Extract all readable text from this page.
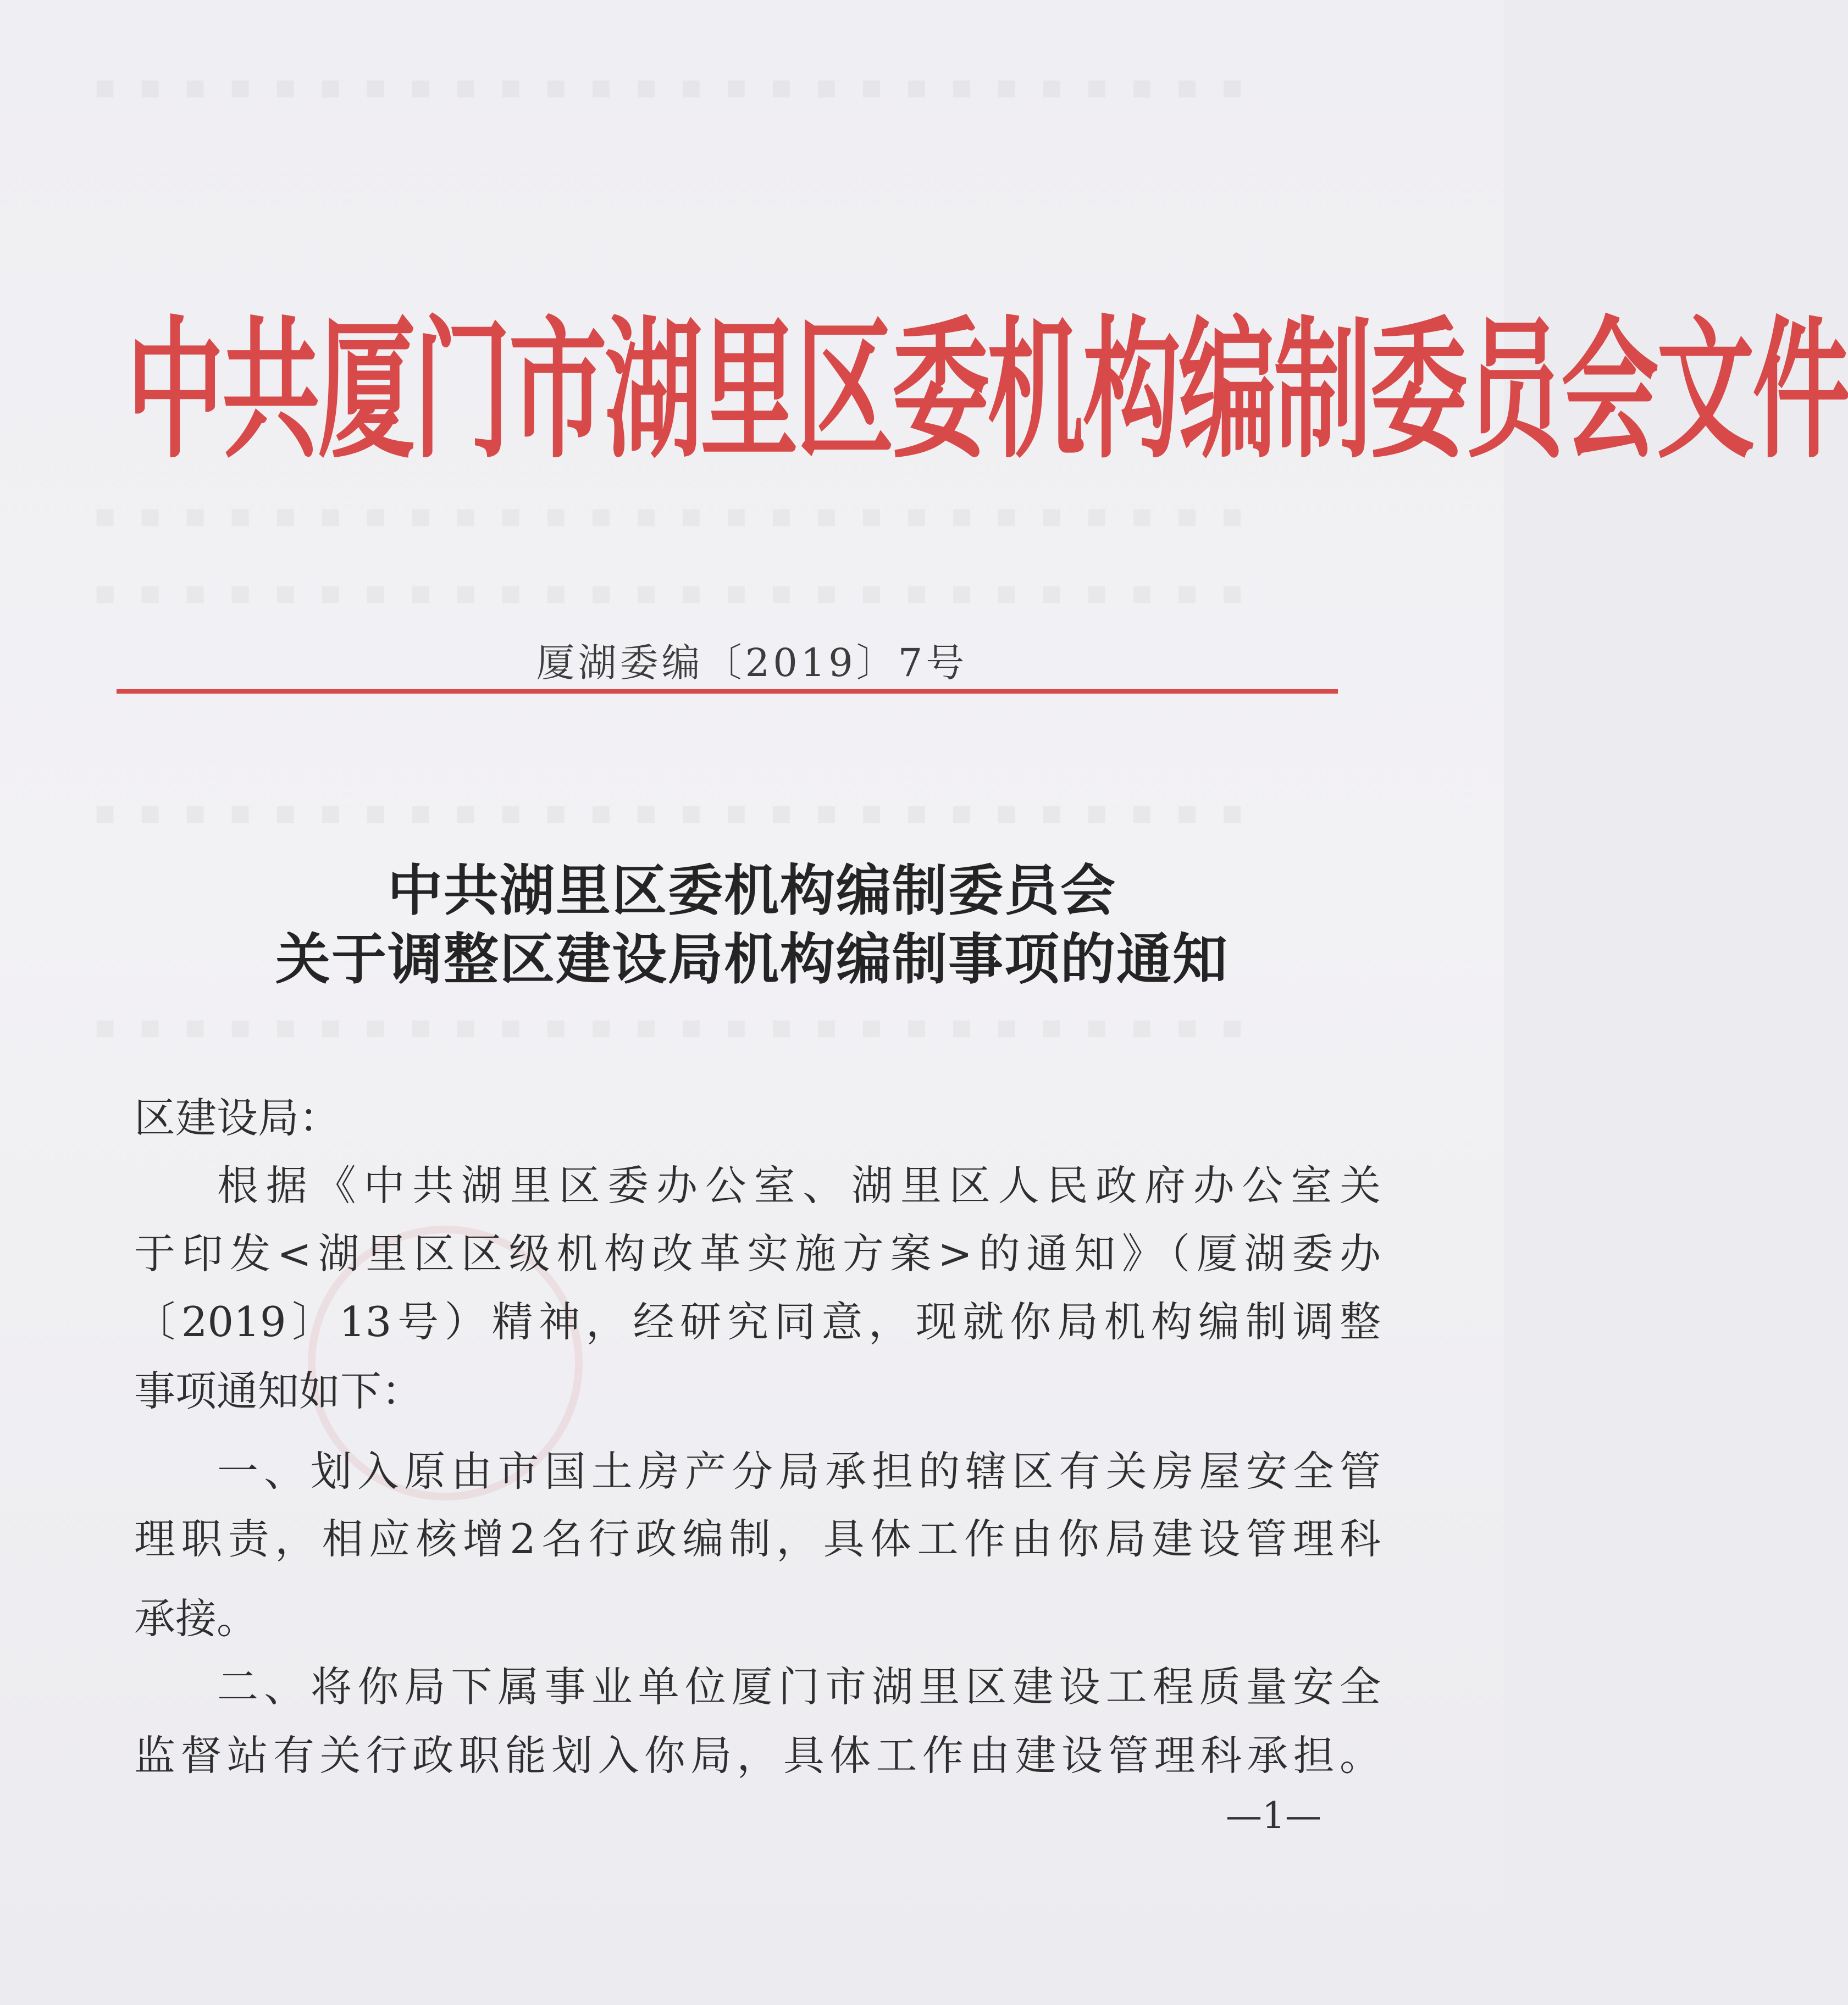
▪▪▪▪▪▪▪▪▪▪▪▪▪▪▪▪▪▪▪▪▪▪▪▪▪▪
▪▪▪▪▪▪▪▪▪▪▪▪▪▪▪▪▪▪▪▪▪▪▪▪▪▪
▪▪▪▪▪▪▪▪▪▪▪▪▪▪▪▪▪▪▪▪▪▪▪▪▪▪
▪▪▪▪▪▪▪▪▪▪▪▪▪▪▪▪▪▪▪▪▪▪▪▪▪▪
▪▪▪▪▪▪▪▪▪▪▪▪▪▪▪▪▪▪▪▪▪▪▪▪▪▪
中共厦门市湖里区委机构编制委员会文件
厦湖委编〔2019〕7号
中共湖里区委机构编制委员会
关于调整区建设局机构编制事项的通知
区建设局：
根据《中共湖里区委办公室、湖里区人民政府办公室关
于印发<湖里区区级机构改革实施方案>的通知》（厦湖委办
〔2019〕13号）精神，经研究同意，现就你局机构编制调整
事项通知如下：
一、划入原由市国土房产分局承担的辖区有关房屋安全管
理职责，相应核增2名行政编制，具体工作由你局建设管理科
承接。
二、将你局下属事业单位厦门市湖里区建设工程质量安全
监督站有关行政职能划入你局，具体工作由建设管理科承担。
—1—
